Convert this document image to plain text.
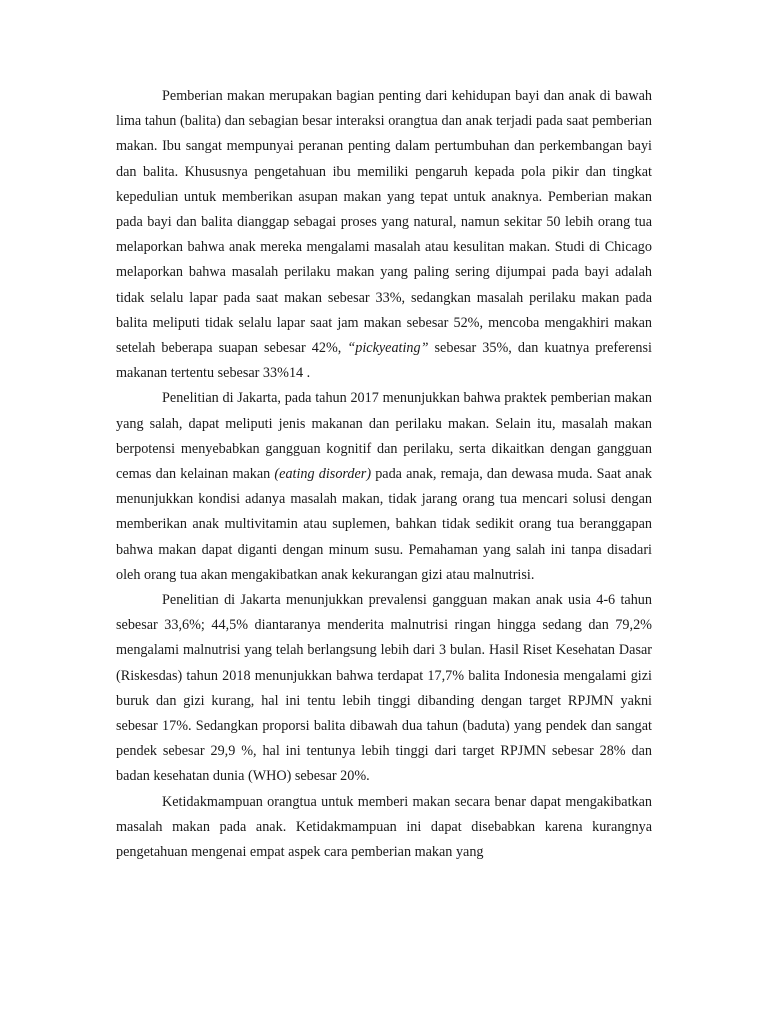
Pemberian makan merupakan bagian penting dari kehidupan bayi dan anak di bawah lima tahun (balita) dan sebagian besar interaksi orangtua dan anak terjadi pada saat pemberian makan. Ibu sangat mempunyai peranan penting dalam pertumbuhan dan perkembangan bayi dan balita. Khususnya pengetahuan ibu memiliki pengaruh kepada pola pikir dan tingkat kepedulian untuk memberikan asupan makan yang tepat untuk anaknya. Pemberian makan pada bayi dan balita dianggap sebagai proses yang natural, namun sekitar 50 lebih orang tua melaporkan bahwa anak mereka mengalami masalah atau kesulitan makan. Studi di Chicago melaporkan bahwa masalah perilaku makan yang paling sering dijumpai pada bayi adalah tidak selalu lapar pada saat makan sebesar 33%, sedangkan masalah perilaku makan pada balita meliputi tidak selalu lapar saat jam makan sebesar 52%, mencoba mengakhiri makan setelah beberapa suapan sebesar 42%, “pickyeating” sebesar 35%, dan kuatnya preferensi makanan tertentu sebesar 33%14 .

Penelitian di Jakarta, pada tahun 2017 menunjukkan bahwa praktek pemberian makan yang salah, dapat meliputi jenis makanan dan perilaku makan. Selain itu, masalah makan berpotensi menyebabkan gangguan kognitif dan perilaku, serta dikaitkan dengan gangguan cemas dan kelainan makan (eating disorder) pada anak, remaja, dan dewasa muda. Saat anak menunjukkan kondisi adanya masalah makan, tidak jarang orang tua mencari solusi dengan memberikan anak multivitamin atau suplemen, bahkan tidak sedikit orang tua beranggapan bahwa makan dapat diganti dengan minum susu. Pemahaman yang salah ini tanpa disadari oleh orang tua akan mengakibatkan anak kekurangan gizi atau malnutrisi.

Penelitian di Jakarta menunjukkan prevalensi gangguan makan anak usia 4-6 tahun sebesar 33,6%; 44,5% diantaranya menderita malnutrisi ringan hingga sedang dan 79,2% mengalami malnutrisi yang telah berlangsung lebih dari 3 bulan. Hasil Riset Kesehatan Dasar (Riskesdas) tahun 2018 menunjukkan bahwa terdapat 17,7% balita Indonesia mengalami gizi buruk dan gizi kurang, hal ini tentu lebih tinggi dibanding dengan target RPJMN yakni sebesar 17%. Sedangkan proporsi balita dibawah dua tahun (baduta) yang pendek dan sangat pendek sebesar 29,9 %, hal ini tentunya lebih tinggi dari target RPJMN sebesar 28% dan badan kesehatan dunia (WHO) sebesar 20%.

Ketidakmampuan orangtua untuk memberi makan secara benar dapat mengakibatkan masalah makan pada anak. Ketidakmampuan ini dapat disebabkan karena kurangnya pengetahuan mengenai empat aspek cara pemberian makan yang
